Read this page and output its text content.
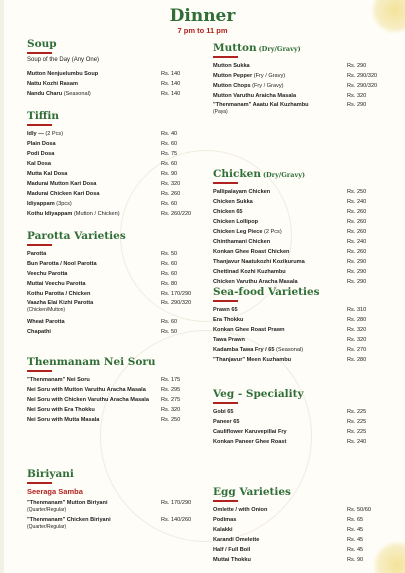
Dinner
7 pm to 11 pm
Soup
Soup of the Day (Any One)
Mutton Nenjuelumbu Soup	Rs. 140
Nattu Kozhi Rasam	Rs. 140
Nandu Charu (Seasonal)	Rs. 140
Tiffin
Idly — (2 Pcs)	Rs. 40
Plain Dosa	Rs. 60
Podi Dosa	Rs. 75
Kal Dosa	Rs. 60
Mutta Kal Dosa	Rs. 90
Madurai Mutton Kari Dosa	Rs. 320
Madurai Chicken Kari Dosa	Rs. 260
Idiyappam (3pcs)	Rs. 60
Kothu Idiyappam (Mutton / Chicken)	Rs. 260/220
Parotta Varieties
Parotta	Rs. 50
Bun Parotta / Nool Parotta	Rs. 60
Veechu Parotta	Rs. 60
Muttai Veechu Parotta	Rs. 80
Kothu Parotta / Chicken	Rs. 170/290
Vaazha Elai Kizhi Parotta
(Chicken/Mutton)
Rs. 290/320
Wheat Parotta	Rs. 60
Chapathi	Rs. 50
Thenmanam Nei Soru
"Thenmanam" Nei Soru	Rs. 175
Nei Soru with Mutton Varuthu Aracha Masala	Rs. 295
Nei Soru with Chicken Varuthu Aracha Masala Rs. 275
Nei Soru with Era Thokku	Rs. 320
Nei Soru with Mutta Masala	Rs. 250
Biriyani
Seeraga Samba
"Thenmanam" Mutton Biriyani
(Quarter/Regular)
Rs. 170/290
"Thenmanam" Chicken Biriyani
(Quarter/Regular)
Rs. 140/260
Mutton (Dry/Gravy)
Mutton Sukka	Rs. 290
Mutton Pepper (Fry / Gravy)	Rs. 290/320
Mutton Chops (Fry / Gravy)	Rs. 290/320
Mutton Varuthu Araicha Masala	Rs. 320
"Thenmanam" Aaatu Kal Kuzhambu
(Paya)
Rs. 290
Chicken (Dry/Gravy)
Pallipalayam Chicken	Rs. 250
Chicken Sukka	Rs. 240
Chicken 65	Rs. 260
Chicken Lollipop	Rs. 260
Chicken Leg Piece (2 Pcs)	Rs. 260
Chinthamani Chicken	Rs. 240
Konkan Ghee Roast Chicken	Rs. 260
Thanjavur Naatukozhi Kozikuruma	Rs. 290
Chettinad Kozhi Kuzhambu	Rs. 290
Chicken Varuthu Aracha Masala	Rs. 290
Sea-food Varieties
Prawn 65	Rs. 310
Era Thokku	Rs. 280
Konkan Ghee Roast Prawn	Rs. 320
Tawa Prawn	Rs. 320
Kadamba Tawa Fry / 65 (Seasonal)	Rs. 270
"Thanjavur" Meen Kuzhambu	Rs. 280
Veg - Speciality
Gobi 65	Rs. 225
Paneer 65	Rs. 225
Cauliflower Karuvepillai Fry	Rs. 225
Konkan Paneer Ghee Roast	Rs. 240
Egg Varieties
Omlette / with Onion	Rs. 50/60
Podimas	Rs. 65
Kalakki	Rs. 45
Karandi Omelette	Rs. 45
Half / Full Boil	Rs. 45
Muttai Thokku	Rs. 90
